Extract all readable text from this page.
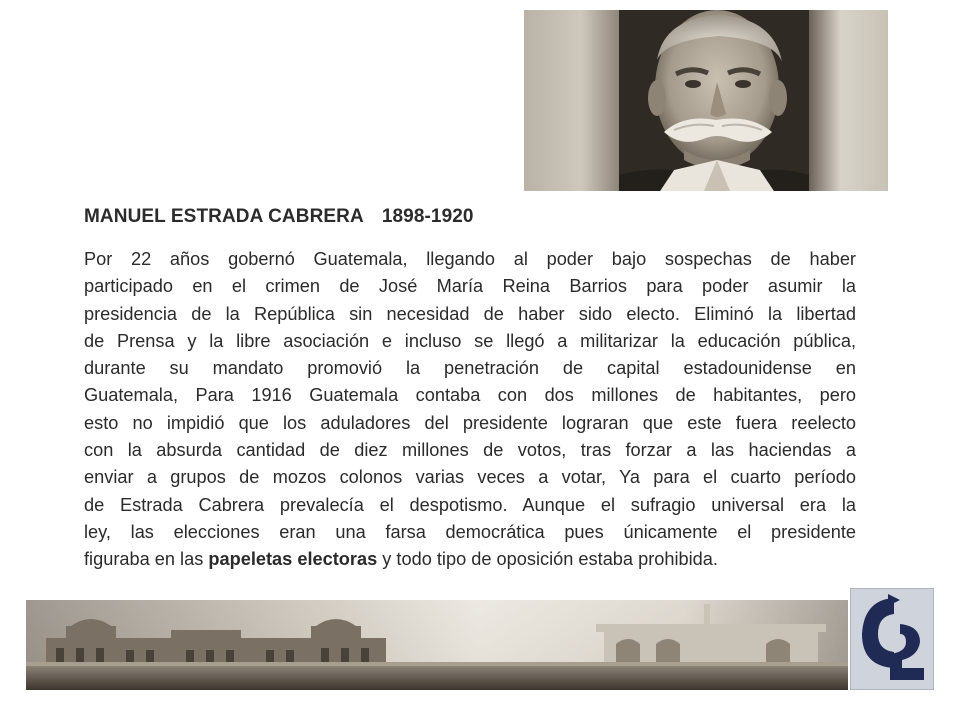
MANUEL ESTRADA CABRERA 1898-1920

Por 22 años gobernó Guatemala, llegando al poder bajo sospechas de haber
participado en el crimen de José María Reina Barrios para poder asumir la
presidencia de la República sin necesidad de haber sido electo. Eliminó la libertad
de Prensa y la libre asociación e incluso se llegó a militarizar la educación pública,
durante su mandato promovió la penetración de capital estadounidense en
Guatemala, Para 1916 Guatemala contaba con dos millones de habitantes, pero
esto no impidió que los aduladores del presidente lograran que este fuera reelecto
con la absurda cantidad de diez millones de votos, tras forzar a las haciendas a
enviar a grupos de mozos colonos varias veces a votar, Ya para el cuarto período
de Estrada Cabrera prevalecía el despotismo. Aunque el sufragio universal era la
ley, las elecciones eran una farsa democrática pues únicamente el presidente
figuraba en las papeletas electoras y todo tipo de oposición estaba prohibida.
